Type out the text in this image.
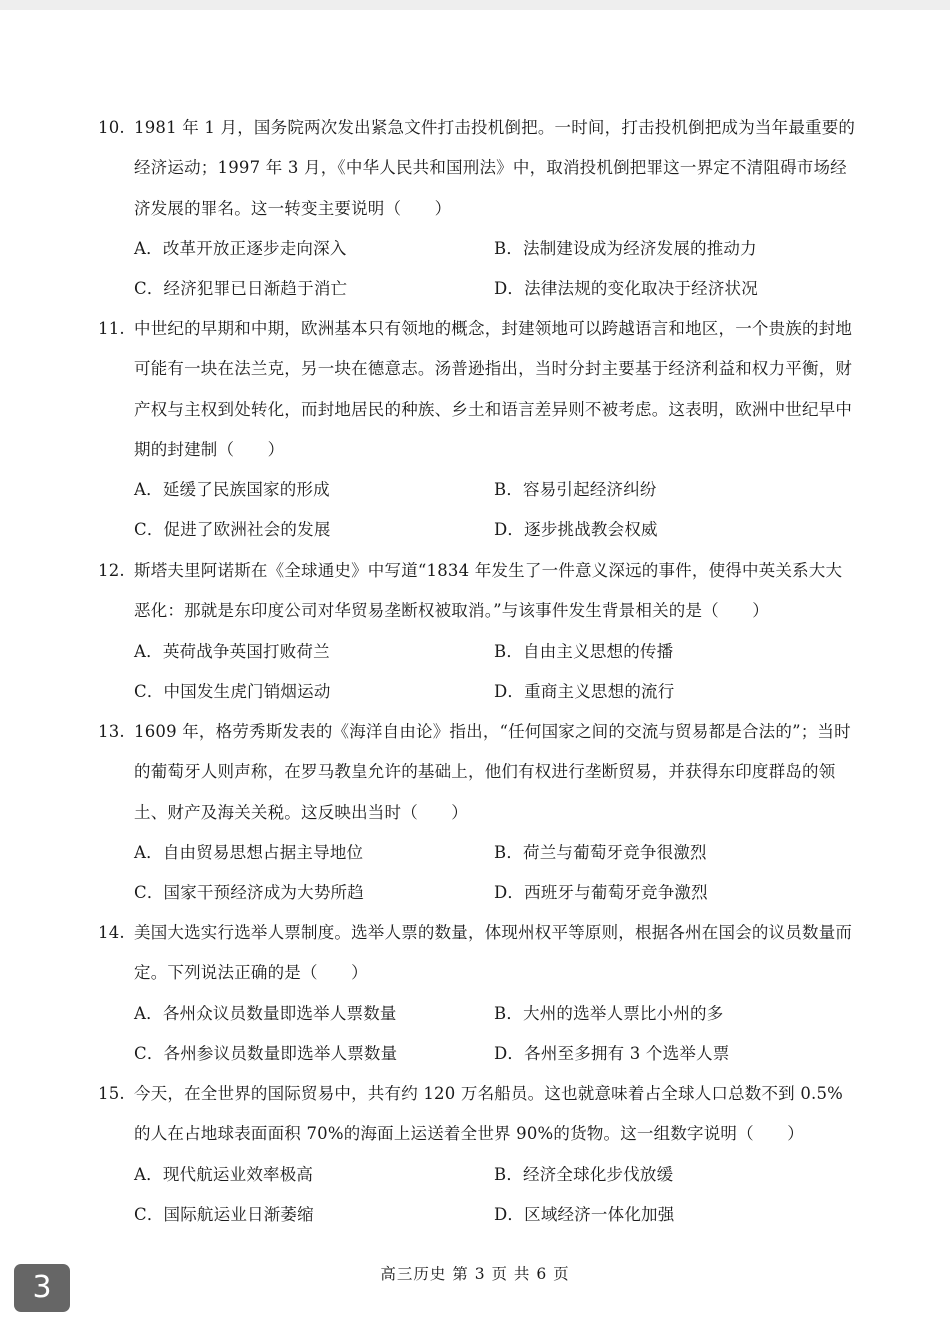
10. 1981 年 1 月，国务院两次发出紧急文件打击投机倒把。一时间，打击投机倒把成为当年最重要的经济运动；1997 年 3 月，《中华人民共和国刑法》中，取消投机倒把罪这一界定不清阻碍市场经济发展的罪名。这一转变主要说明（　　）
A．改革开放正逐步走向深入	B．法制建设成为经济发展的推动力
C．经济犯罪已日渐趋于消亡	D．法律法规的变化取决于经济状况
11. 中世纪的早期和中期，欧洲基本只有领地的概念，封建领地可以跨越语言和地区，一个贵族的封地可能有一块在法兰克，另一块在德意志。汤普逊指出，当时分封主要基于经济利益和权力平衡，财产权与主权到处转化，而封地居民的种族、乡土和语言差异则不被考虑。这表明，欧洲中世纪早中期的封建制（　　）
A．延缓了民族国家的形成	B．容易引起经济纠纷
C．促进了欧洲社会的发展	D．逐步挑战教会权威
12. 斯塔夫里阿诺斯在《全球通史》中写道“1834 年发生了一件意义深远的事件，使得中英关系大大恶化：那就是东印度公司对华贸易垄断权被取消。”与该事件发生背景相关的是（　　）
A．英荷战争英国打败荷兰	B．自由主义思想的传播
C．中国发生虎门销烟运动	D．重商主义思想的流行
13. 1609 年，格劳秀斯发表的《海洋自由论》指出，“任何国家之间的交流与贸易都是合法的”；当时的葡萄牙人则声称，在罗马教皇允许的基础上，他们有权进行垄断贸易，并获得东印度群岛的领土、财产及海关关税。这反映出当时（　　）
A．自由贸易思想占据主导地位	B．荷兰与葡萄牙竞争很激烈
C．国家干预经济成为大势所趋	D．西班牙与葡萄牙竞争激烈
14. 美国大选实行选举人票制度。选举人票的数量，体现州权平等原则，根据各州在国会的议员数量而定。下列说法正确的是（　　）
A．各州众议员数量即选举人票数量	B．大州的选举人票比小州的多
C．各州参议员数量即选举人票数量	D．各州至多拥有 3 个选举人票
15. 今天，在全世界的国际贸易中，共有约 120 万名船员。这也就意味着占全球人口总数不到 0.5%的人在占地球表面面积 70%的海面上运送着全世界 90%的货物。这一组数字说明（　　）
A．现代航运业效率极高	B．经济全球化步伐放缓
C．国际航运业日渐萎缩	D．区域经济一体化加强
高三历史 第 3 页 共 6 页
3
